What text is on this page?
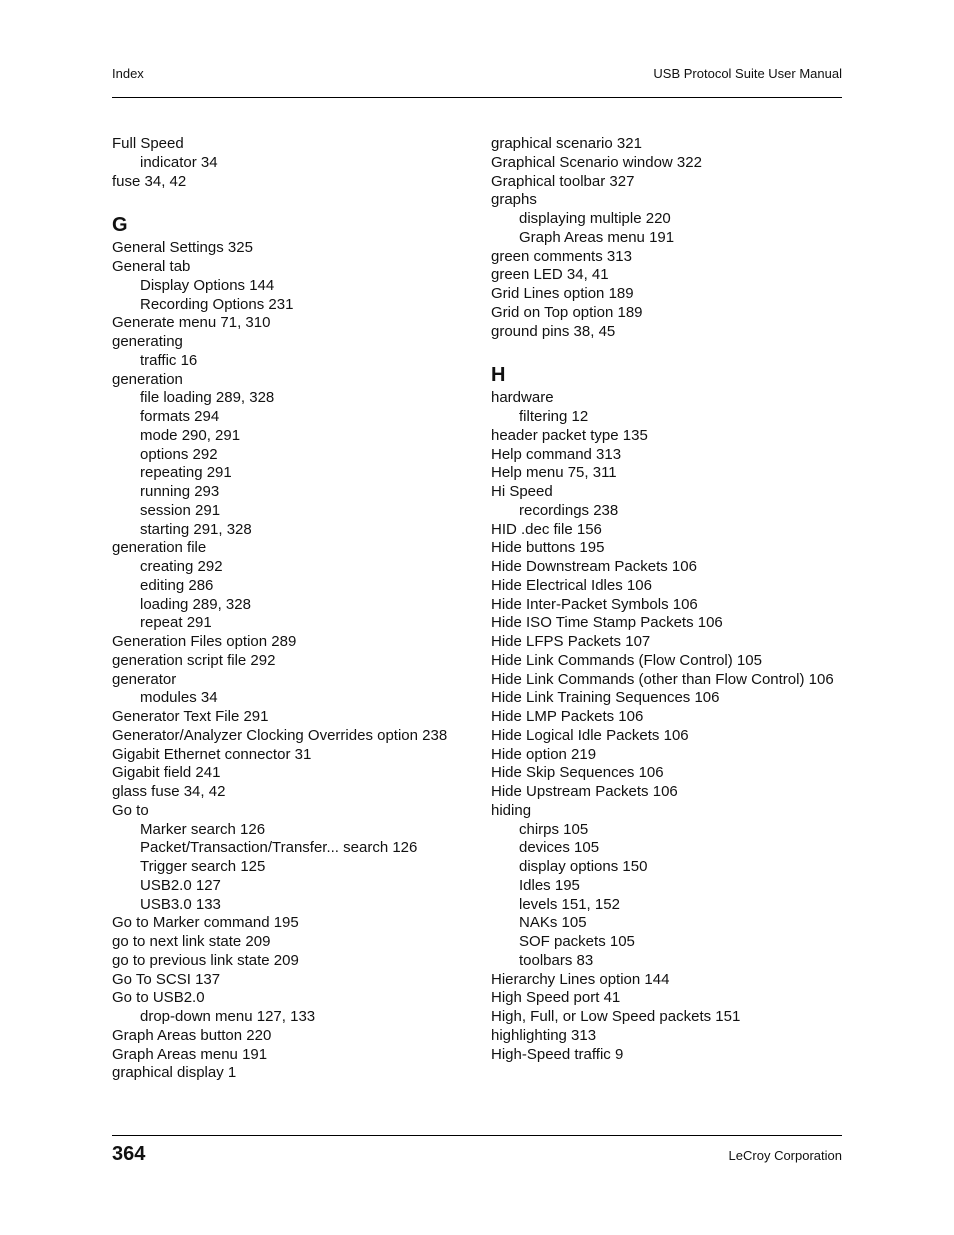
Index	USB Protocol Suite User Manual
Full Speed
indicator 34
fuse 34, 42
G
General Settings 325
General tab
Display Options 144
Recording Options 231
Generate menu 71, 310
generating
traffic 16
generation
file loading 289, 328
formats 294
mode 290, 291
options 292
repeating 291
running 293
session 291
starting 291, 328
generation file
creating 292
editing 286
loading 289, 328
repeat 291
Generation Files option 289
generation script file 292
generator
modules 34
Generator Text File 291
Generator/Analyzer Clocking Overrides option 238
Gigabit Ethernet connector 31
Gigabit field 241
glass fuse 34, 42
Go to
Marker search 126
Packet/Transaction/Transfer... search 126
Trigger search 125
USB2.0 127
USB3.0 133
Go to Marker command 195
go to next link state 209
go to previous link state 209
Go To SCSI 137
Go to USB2.0
drop-down menu 127, 133
Graph Areas button 220
Graph Areas menu 191
graphical display 1
graphical scenario 321
Graphical Scenario window 322
Graphical toolbar 327
graphs
displaying multiple 220
Graph Areas menu 191
green comments 313
green LED 34, 41
Grid Lines option 189
Grid on Top option 189
ground pins 38, 45
H
hardware
filtering 12
header packet type 135
Help command 313
Help menu 75, 311
Hi Speed
recordings 238
HID .dec file 156
Hide buttons 195
Hide Downstream Packets 106
Hide Electrical Idles 106
Hide Inter-Packet Symbols 106
Hide ISO Time Stamp Packets 106
Hide LFPS Packets 107
Hide Link Commands (Flow Control) 105
Hide Link Commands (other than Flow Control) 106
Hide Link Training Sequences 106
Hide LMP Packets 106
Hide Logical Idle Packets 106
Hide option 219
Hide Skip Sequences 106
Hide Upstream Packets 106
hiding
chirps 105
devices 105
display options 150
Idles 195
levels 151, 152
NAKs 105
SOF packets 105
toolbars 83
Hierarchy Lines option 144
High Speed port 41
High, Full, or Low Speed packets 151
highlighting 313
High-Speed traffic 9
364	LeCroy Corporation
